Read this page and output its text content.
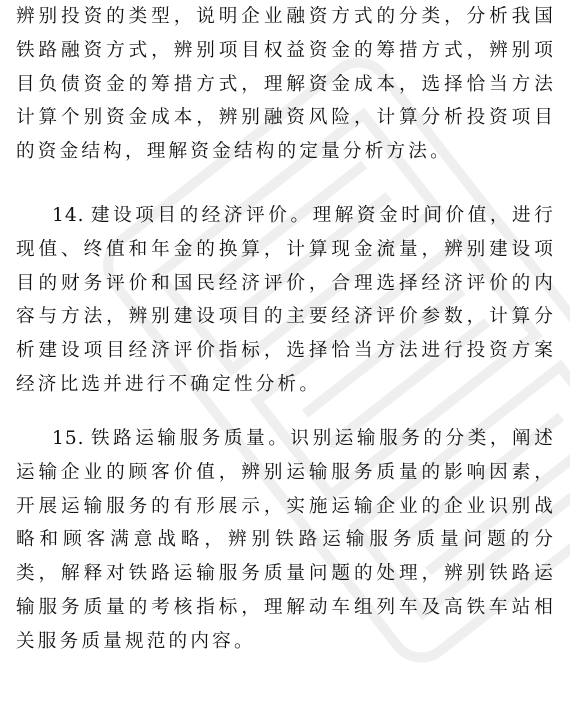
辨别投资的类型，说明企业融资方式的分类，分析我国铁路融资方式，辨别项目权益资金的筹措方式，辨别项目负债资金的筹措方式，理解资金成本，选择恰当方法计算个别资金成本，辨别融资风险，计算分析投资项目的资金结构，理解资金结构的定量分析方法。

14. 建设项目的经济评价。理解资金时间价值，进行现值、终值和年金的换算，计算现金流量，辨别建设项目的财务评价和国民经济评价，合理选择经济评价的内容与方法，辨别建设项目的主要经济评价参数，计算分析建设项目经济评价指标，选择恰当方法进行投资方案经济比选并进行不确定性分析。

15. 铁路运输服务质量。识别运输服务的分类，阐述运输企业的顾客价值，辨别运输服务质量的影响因素，开展运输服务的有形展示，实施运输企业的企业识别战略和顾客满意战略，辨别铁路运输服务质量问题的分类，解释对铁路运输服务质量问题的处理，辨别铁路运输服务质量的考核指标，理解动车组列车及高铁车站相关服务质量规范的内容。
